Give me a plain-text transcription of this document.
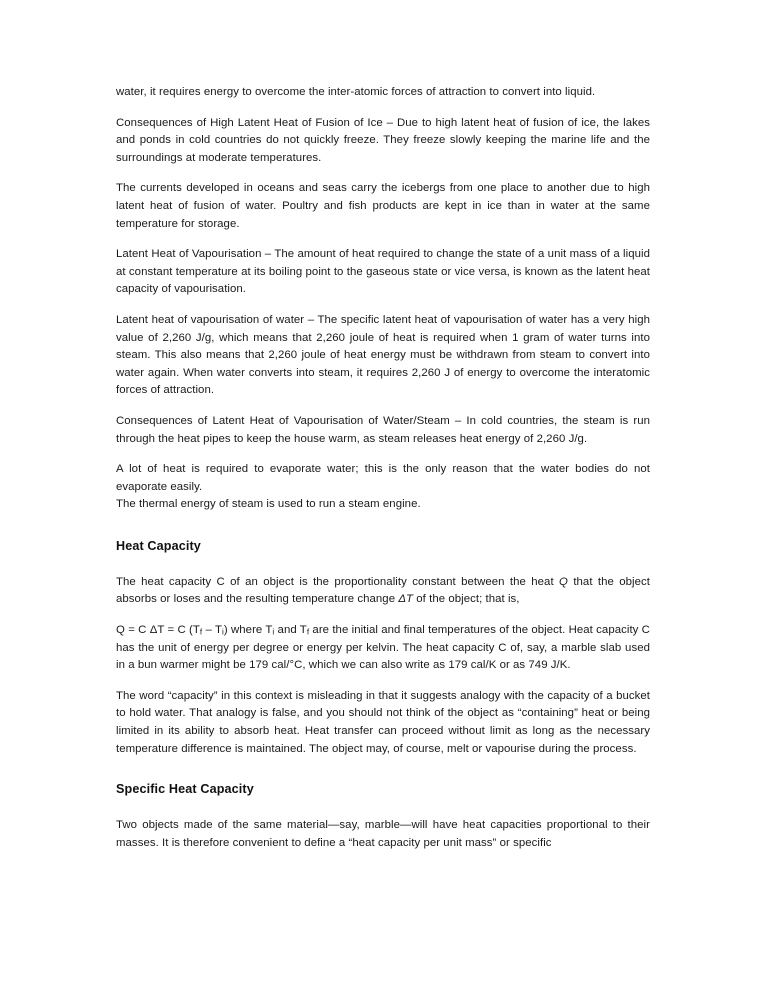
water, it requires energy to overcome the inter-atomic forces of attraction to convert into liquid.

Consequences of High Latent Heat of Fusion of Ice – Due to high latent heat of fusion of ice, the lakes and ponds in cold countries do not quickly freeze. They freeze slowly keeping the marine life and the surroundings at moderate temperatures.

The currents developed in oceans and seas carry the icebergs from one place to another due to high latent heat of fusion of water. Poultry and fish products are kept in ice than in water at the same temperature for storage.

Latent Heat of Vapourisation – The amount of heat required to change the state of a unit mass of a liquid at constant temperature at its boiling point to the gaseous state or vice versa, is known as the latent heat capacity of vapourisation.

Latent heat of vapourisation of water – The specific latent heat of vapourisation of water has a very high value of 2,260 J/g, which means that 2,260 joule of heat is required when 1 gram of water turns into steam. This also means that 2,260 joule of heat energy must be withdrawn from steam to convert into water again. When water converts into steam, it requires 2,260 J of energy to overcome the interatomic forces of attraction.

Consequences of Latent Heat of Vapourisation of Water/Steam – In cold countries, the steam is run through the heat pipes to keep the house warm, as steam releases heat energy of 2,260 J/g.

A lot of heat is required to evaporate water; this is the only reason that the water bodies do not evaporate easily.

The thermal energy of steam is used to run a steam engine.

Heat Capacity

The heat capacity C of an object is the proportionality constant between the heat Q that the object absorbs or loses and the resulting temperature change ΔT of the object; that is,

Q = C ΔT = C $(T_f - T_i)$ where $T_i$ and $T_f$ are the initial and final temperatures of the object. Heat capacity C has the unit of energy per degree or energy per kelvin. The heat capacity C of, say, a marble slab used in a bun warmer might be 179 cal/°C, which we can also write as 179 cal/K or as 749 J/K.

The word “capacity” in this context is misleading in that it suggests analogy with the capacity of a bucket to hold water. That analogy is false, and you should not think of the object as “containing” heat or being limited in its ability to absorb heat. Heat transfer can proceed without limit as long as the necessary temperature difference is maintained. The object may, of course, melt or vapourise during the process.

Specific Heat Capacity

Two objects made of the same material—say, marble—will have heat capacities proportional to their masses. It is therefore convenient to define a “heat capacity per unit mass” or specific
